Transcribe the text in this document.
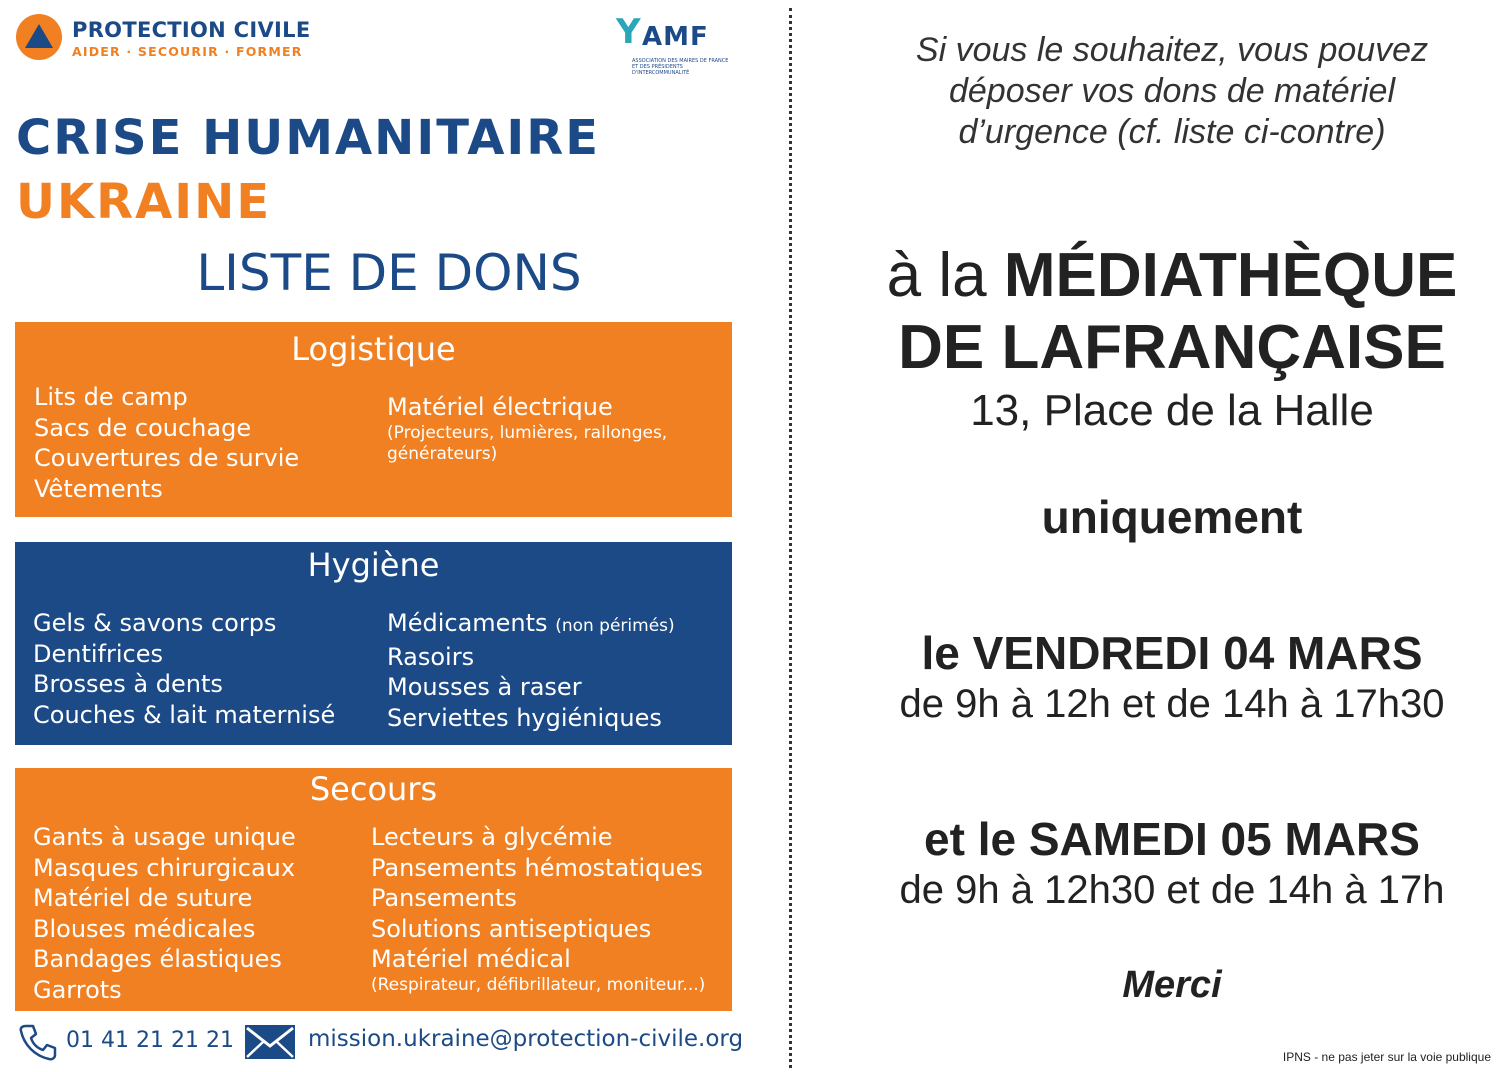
PROTECTION CIVILE
AIDER · SECOURIR · FORMER	Y AMF
ASSOCIATION DES MAIRES DE FRANCE ET DES PRÉSIDENTS D'INTERCOMMUNALITÉ
CRISE HUMANITAIRE
UKRAINE
LISTE DE DONS
Logistique
Lits de camp
Sacs de couchage
Couvertures de survie
Vêtements
Matériel électrique
(Projecteurs, lumières, rallonges, générateurs)
Hygiène
Gels & savons corps
Dentifrices
Brosses à dents
Couches & lait maternisé
Médicaments (non périmés)
Rasoirs
Mousses à raser
Serviettes hygiéniques
Secours
Gants à usage unique
Masques chirurgicaux
Matériel de suture
Blouses médicales
Bandages élastiques
Garrots
Lecteurs à glycémie
Pansements hémostatiques
Pansements
Solutions antiseptiques
Matériel médical
(Respirateur, défibrillateur, moniteur...)
01 41 21 21 21	mission.ukraine@protection-civile.org
Si vous le souhaitez, vous pouvez
déposer vos dons de matériel
d’urgence (cf. liste ci-contre)
à la MÉDIATHÈQUE
DE LAFRANÇAISE
13, Place de la Halle
uniquement
le VENDREDI 04 MARS
de 9h à 12h et de 14h à 17h30
et le SAMEDI 05 MARS
de 9h à 12h30 et de 14h à 17h
Merci
IPNS - ne pas jeter sur la voie publique
